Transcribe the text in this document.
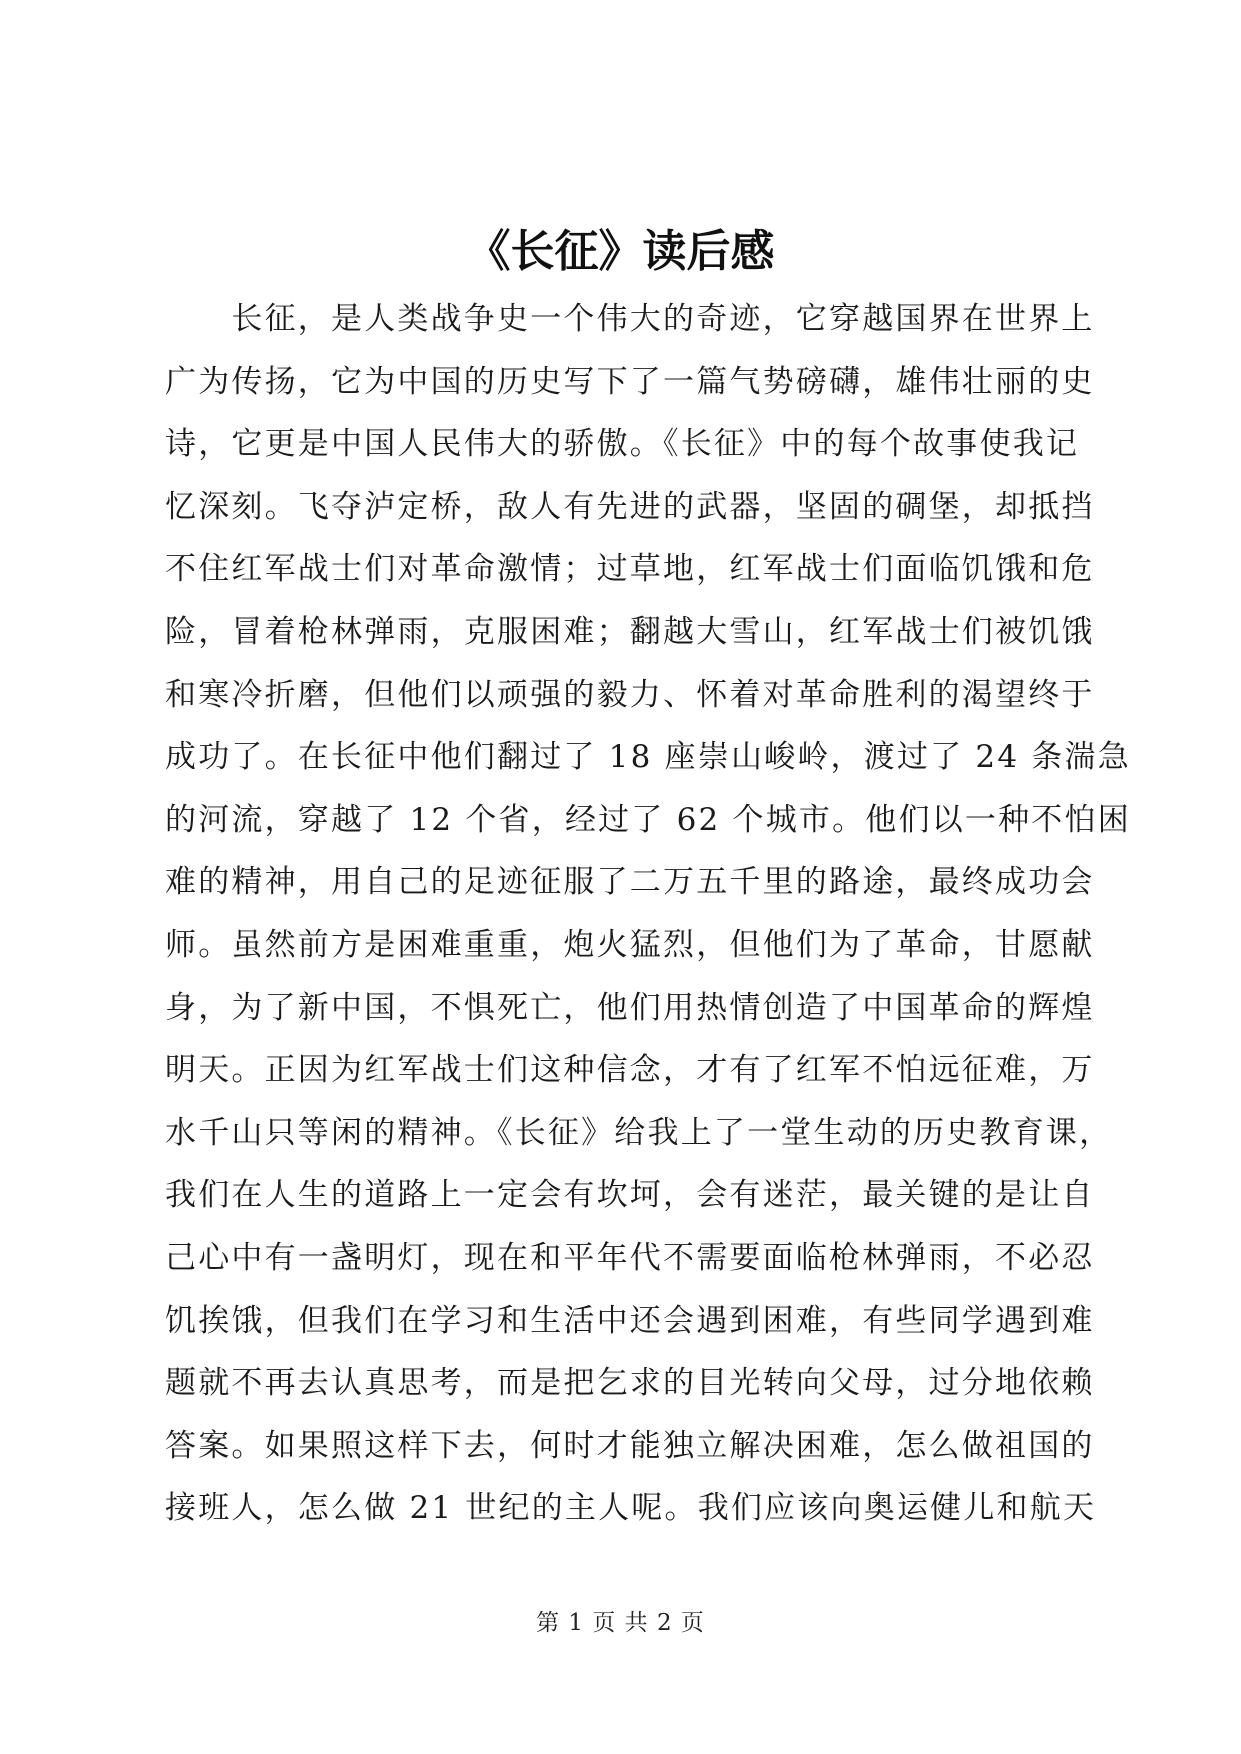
《长征》读后感
　　长征，是人类战争史一个伟大的奇迹，它穿越国界在世界上
广为传扬，它为中国的历史写下了一篇气势磅礴，雄伟壮丽的史
诗，它更是中国人民伟大的骄傲。《长征》中的每个故事使我记
忆深刻。飞夺泸定桥，敌人有先进的武器，坚固的碉堡，却抵挡
不住红军战士们对革命激情；过草地，红军战士们面临饥饿和危
险，冒着枪林弹雨，克服困难；翻越大雪山，红军战士们被饥饿
和寒冷折磨，但他们以顽强的毅力、怀着对革命胜利的渴望终于
成功了。在长征中他们翻过了 18 座崇山峻岭，渡过了 24 条湍急
的河流，穿越了 12 个省，经过了 62 个城市。他们以一种不怕困
难的精神，用自己的足迹征服了二万五千里的路途，最终成功会
师。虽然前方是困难重重，炮火猛烈，但他们为了革命，甘愿献
身，为了新中国，不惧死亡，他们用热情创造了中国革命的辉煌
明天。正因为红军战士们这种信念，才有了红军不怕远征难，万
水千山只等闲的精神。《长征》给我上了一堂生动的历史教育课，
我们在人生的道路上一定会有坎坷，会有迷茫，最关键的是让自
己心中有一盏明灯，现在和平年代不需要面临枪林弹雨，不必忍
饥挨饿，但我们在学习和生活中还会遇到困难，有些同学遇到难
题就不再去认真思考，而是把乞求的目光转向父母，过分地依赖
答案。如果照这样下去，何时才能独立解决困难，怎么做祖国的
接班人，怎么做 21 世纪的主人呢。我们应该向奥运健儿和航天
第 1 页 共 2 页
